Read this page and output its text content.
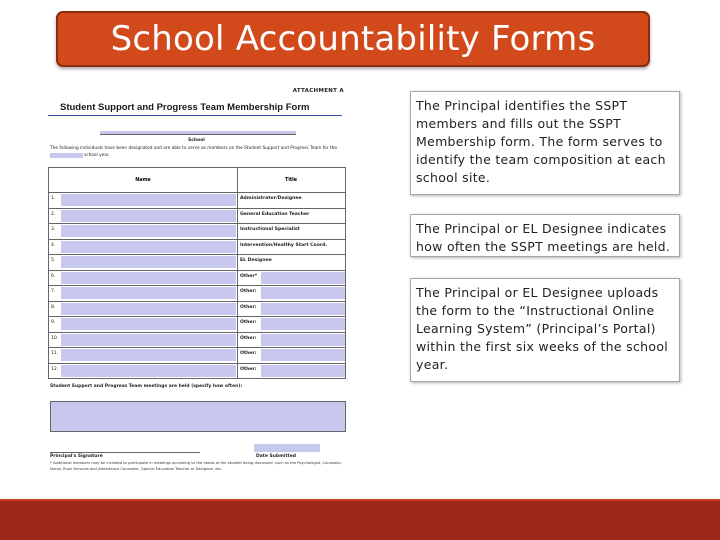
School Accountability Forms
ATTACHMENT A
Student Support and Progress Team Membership Form
School
The following individuals have been designated and are able to serve as members on the Student Support and Progress Team for the ____	school year.
Name	Title
1.	Administrator/Designee
2.	General Education Teacher
3.	Instructional Specialist
4.	Intervention/Healthy Start Coord.
5.	EL Designee
6.	Other*
7.	Other:
8.	Other:
9.	Other:
10.	Other:
11.	Other:
12.	Other:
Student Support and Progress Team meetings are held (specify how often):
Principal's Signature	Date Submitted
* Additional members may be included to participate in meetings according to the needs of the student being discussed, such as the Psychologist, Counselor, Nurse, Pupil Services and Attendance Counselor, Special Education Teacher or Designee, etc.
The Principal identifies the SSPT members and fills out the SSPT Membership form. The form serves to identify the team composition at each school site.
The Principal or EL Designee indicates how often the SSPT meetings are held.
The Principal or EL Designee uploads the form to the “Instructional Online Learning System” (Principal’s Portal) within the first six weeks of the school year.
